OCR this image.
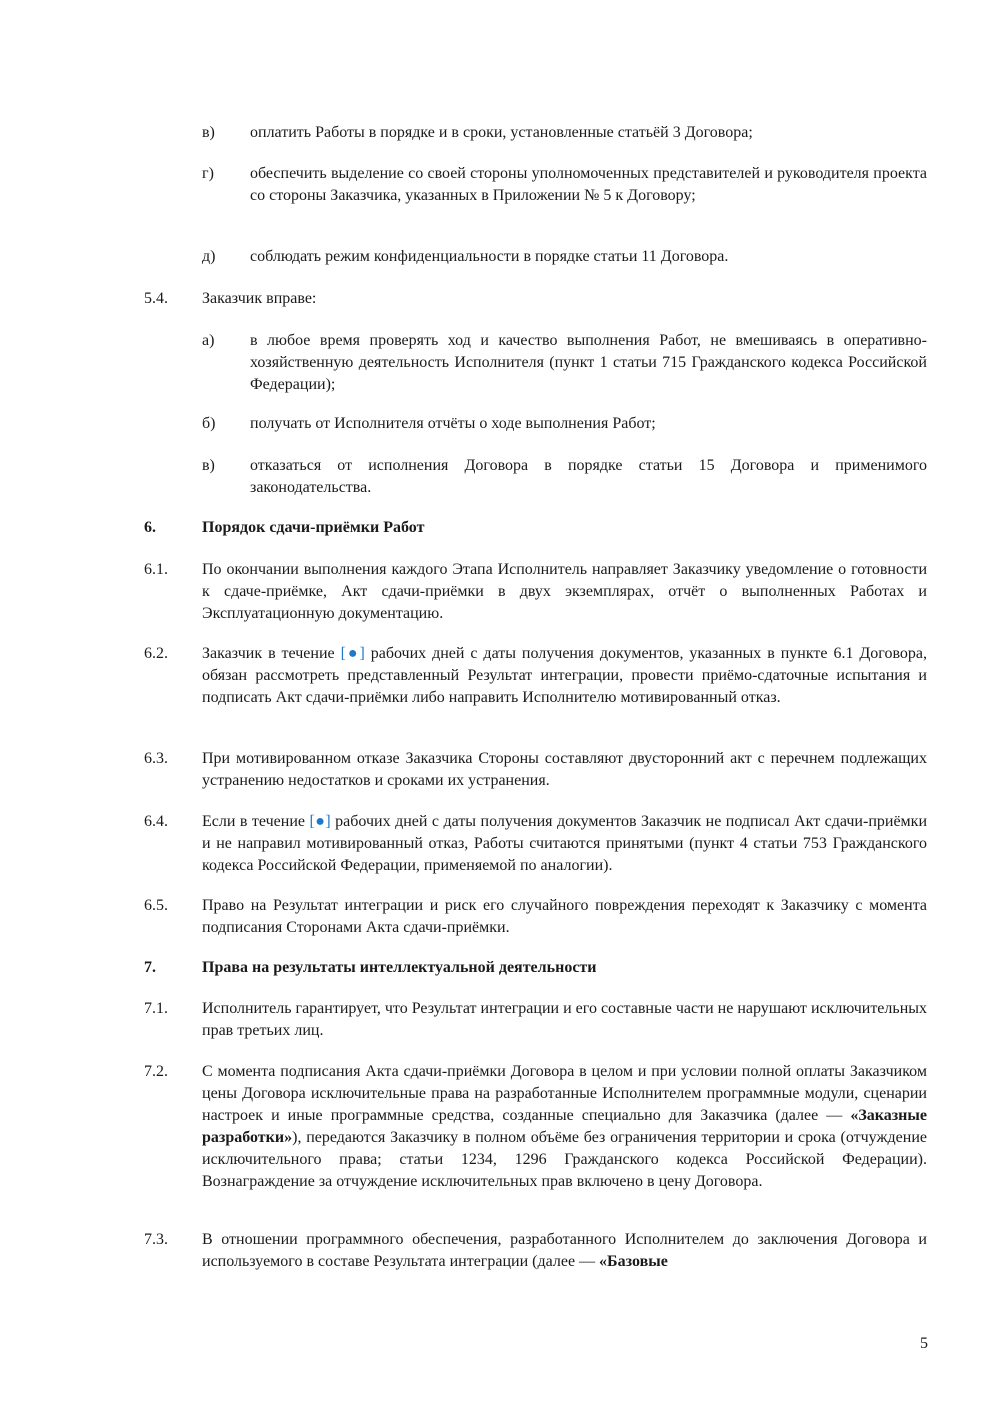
в) оплатить Работы в порядке и в сроки, установленные статьёй 3 Договора;
г) обеспечить выделение со своей стороны уполномоченных представителей и руководителя проекта со стороны Заказчика, указанных в Приложении № 5 к Договору;
д) соблюдать режим конфиденциальности в порядке статьи 11 Договора.
5.4. Заказчик вправе:
а) в любое время проверять ход и качество выполнения Работ, не вмешиваясь в оперативно-хозяйственную деятельность Исполнителя (пункт 1 статьи 715 Гражданского кодекса Российской Федерации);
б) получать от Исполнителя отчёты о ходе выполнения Работ;
в) отказаться от исполнения Договора в порядке статьи 15 Договора и применимого законодательства.
6.	Порядок сдачи-приёмки Работ
6.1. По окончании выполнения каждого Этапа Исполнитель направляет Заказчику уведомление о готовности к сдаче-приёмке, Акт сдачи-приёмки в двух экземплярах, отчёт о выполненных Работах и Эксплуатационную документацию.
6.2. Заказчик в течение [●] рабочих дней с даты получения документов, указанных в пункте 6.1 Договора, обязан рассмотреть представленный Результат интеграции, провести приёмо-сдаточные испытания и подписать Акт сдачи-приёмки либо направить Исполнителю мотивированный отказ.
6.3. При мотивированном отказе Заказчика Стороны составляют двусторонний акт с перечнем подлежащих устранению недостатков и сроками их устранения.
6.4. Если в течение [●] рабочих дней с даты получения документов Заказчик не подписал Акт сдачи-приёмки и не направил мотивированный отказ, Работы считаются принятыми (пункт 4 статьи 753 Гражданского кодекса Российской Федерации, применяемой по аналогии).
6.5. Право на Результат интеграции и риск его случайного повреждения переходят к Заказчику с момента подписания Сторонами Акта сдачи-приёмки.
7.	Права на результаты интеллектуальной деятельности
7.1. Исполнитель гарантирует, что Результат интеграции и его составные части не нарушают исключительных прав третьих лиц.
7.2. С момента подписания Акта сдачи-приёмки Договора в целом и при условии полной оплаты Заказчиком цены Договора исключительные права на разработанные Исполнителем программные модули, сценарии настроек и иные программные средства, созданные специально для Заказчика (далее — «Заказные разработки»), передаются Заказчику в полном объёме без ограничения территории и срока (отчуждение исключительного права; статьи 1234, 1296 Гражданского кодекса Российской Федерации). Вознаграждение за отчуждение исключительных прав включено в цену Договора.
7.3. В отношении программного обеспечения, разработанного Исполнителем до заключения Договора и используемого в составе Результата интеграции (далее — «Базовые
5
